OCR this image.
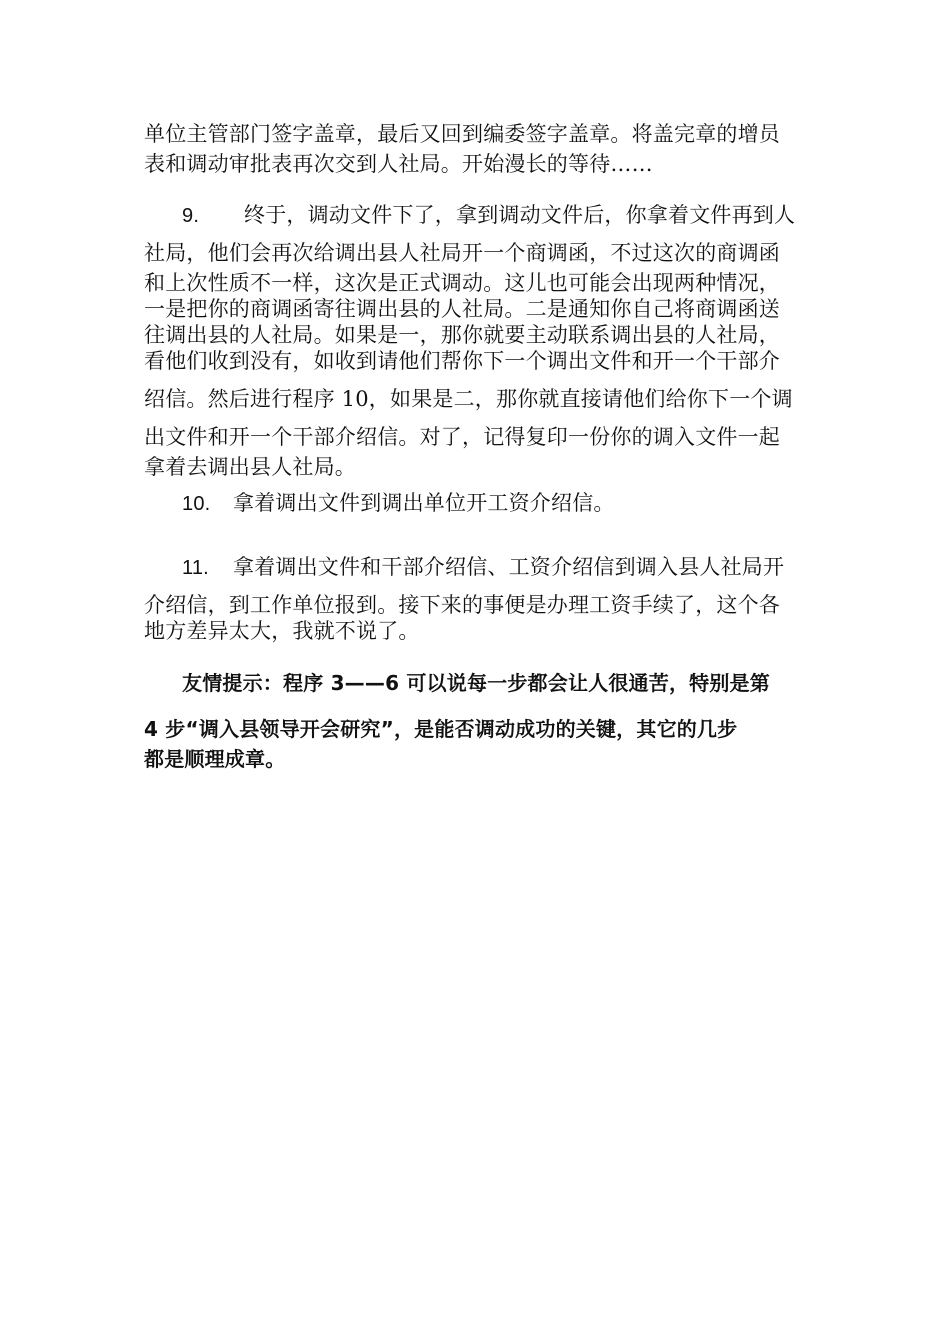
单位主管部门签字盖章，最后又回到编委签字盖章。将盖完章的增员
表和调动审批表再次交到人社局。开始漫长的等待……
9. 终于，调动文件下了，拿到调动文件后，你拿着文件再到人
社局，他们会再次给调出县人社局开一个商调函，不过这次的商调函
和上次性质不一样，这次是正式调动。这儿也可能会出现两种情况，
一是把你的商调函寄往调出县的人社局。二是通知你自己将商调函送
往调出县的人社局。如果是一，那你就要主动联系调出县的人社局，
看他们收到没有，如收到请他们帮你下一个调出文件和开一个干部介
绍信。然后进行程序 10，如果是二，那你就直接请他们给你下一个调
出文件和开一个干部介绍信。对了，记得复印一份你的调入文件一起
拿着去调出县人社局。
10. 拿着调出文件到调出单位开工资介绍信。
11. 拿着调出文件和干部介绍信、工资介绍信到调入县人社局开
介绍信，到工作单位报到。接下来的事便是办理工资手续了，这个各
地方差异太大，我就不说了。
友情提示：程序 3——6 可以说每一步都会让人很通苦，特别是第
4 步“调入县领导开会研究”，是能否调动成功的关键，其它的几步
都是顺理成章。
